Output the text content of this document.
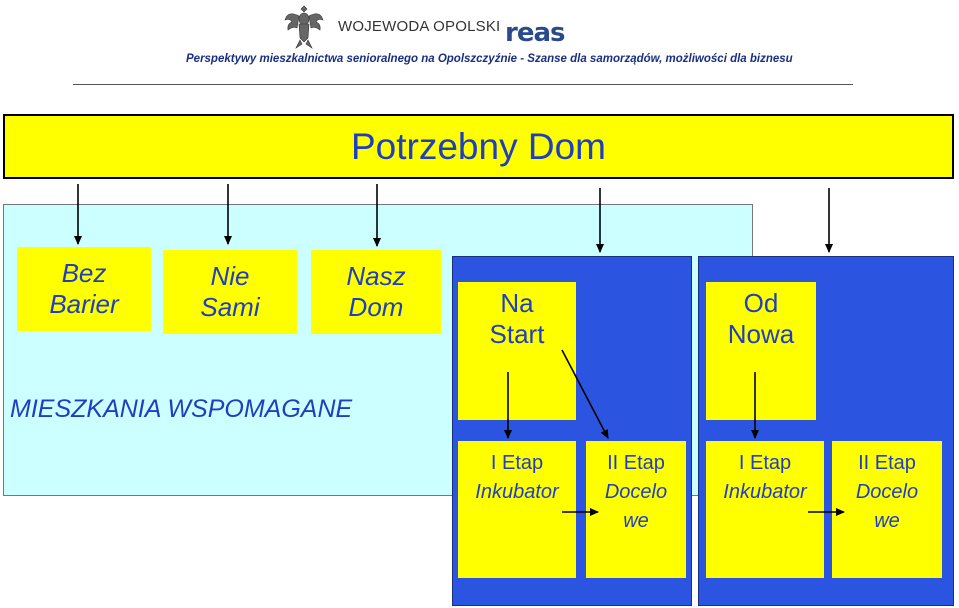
WOJEWODA OPOLSKI reas
Perspektywy mieszkalnictwa senioralnego na Opolszczyźnie - Szanse dla samorządów, możliwości dla biznesu
Potrzebny Dom
Bez
Barier
Nie
Sami
Nasz
Dom
MIESZKANIA WSPOMAGANE
Na
Start
Od
Nowa
I Etap
Inkubator
II Etap
Docelo
we
I Etap
Inkubator
II Etap
Docelo
we
